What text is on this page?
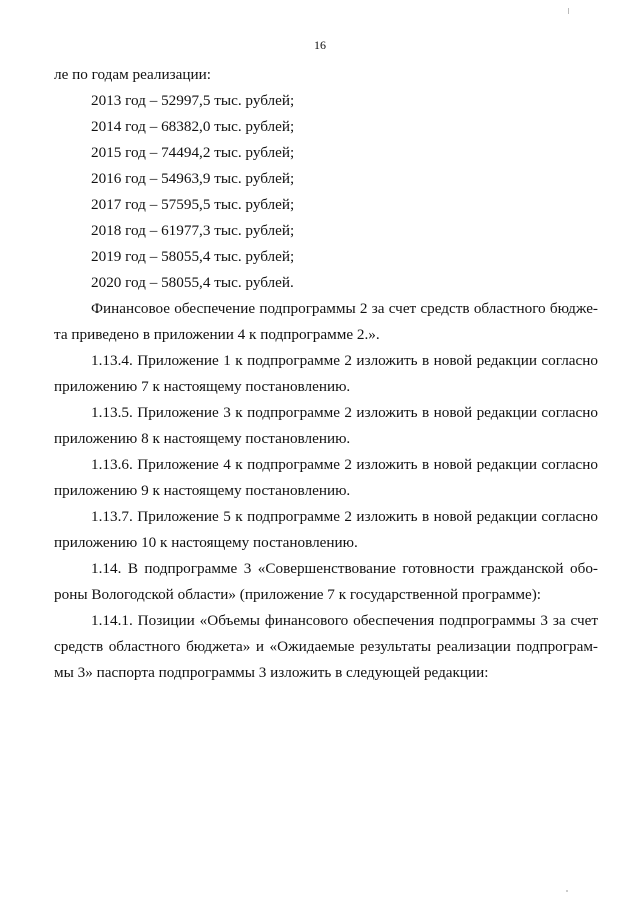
16
ле по годам реализации:
2013 год – 52997,5 тыс. рублей;
2014 год – 68382,0 тыс. рублей;
2015 год – 74494,2 тыс. рублей;
2016 год – 54963,9 тыс. рублей;
2017 год – 57595,5 тыс. рублей;
2018 год – 61977,3 тыс. рублей;
2019 год – 58055,4 тыс. рублей;
2020 год – 58055,4 тыс. рублей.
Финансовое обеспечение подпрограммы 2 за счет средств областного бюдже-
та приведено в приложении 4 к подпрограмме 2.».
1.13.4. Приложение 1 к подпрограмме 2 изложить в новой редакции согласно
приложению 7 к настоящему постановлению.
1.13.5. Приложение 3 к подпрограмме 2 изложить в новой редакции согласно
приложению 8 к настоящему постановлению.
1.13.6. Приложение 4 к подпрограмме 2 изложить в новой редакции согласно
приложению 9 к настоящему постановлению.
1.13.7. Приложение 5 к подпрограмме 2 изложить в новой редакции согласно
приложению 10 к настоящему постановлению.
1.14. В подпрограмме 3 «Совершенствование готовности гражданской обо-
роны Вологодской области» (приложение 7 к государственной программе):
1.14.1. Позиции «Объемы финансового обеспечения подпрограммы 3 за счет
средств областного бюджета» и «Ожидаемые результаты реализации подпрограм-
мы 3» паспорта подпрограммы 3 изложить в следующей редакции:
